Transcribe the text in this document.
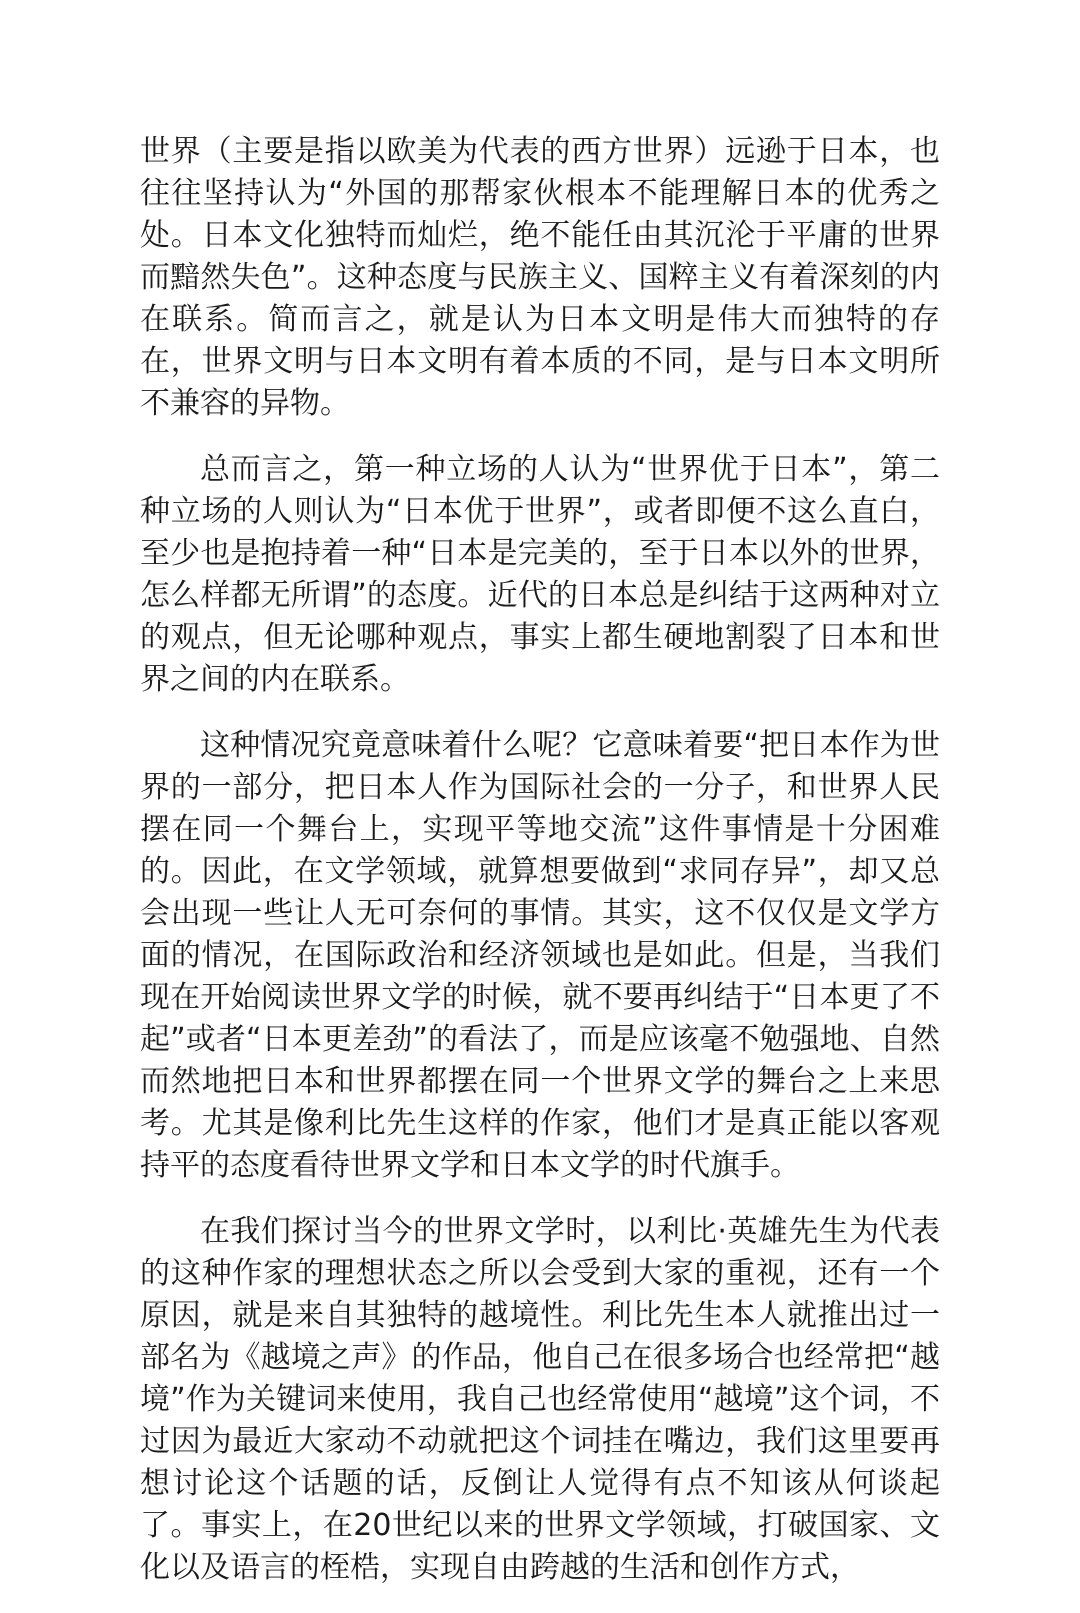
世界（主要是指以欧美为代表的西方世界）远逊于日本，也往往坚持认为“外国的那帮家伙根本不能理解日本的优秀之处。日本文化独特而灿烂，绝不能任由其沉沦于平庸的世界而黯然失色”。这种态度与民族主义、国粹主义有着深刻的内在联系。简而言之，就是认为日本文明是伟大而独特的存在，世界文明与日本文明有着本质的不同，是与日本文明所不兼容的异物。

总而言之，第一种立场的人认为“世界优于日本”，第二种立场的人则认为“日本优于世界”，或者即便不这么直白，至少也是抱持着一种“日本是完美的，至于日本以外的世界，怎么样都无所谓”的态度。近代的日本总是纠结于这两种对立的观点，但无论哪种观点，事实上都生硬地割裂了日本和世界之间的内在联系。

这种情况究竟意味着什么呢？它意味着要“把日本作为世界的一部分，把日本人作为国际社会的一分子，和世界人民摆在同一个舞台上，实现平等地交流”这件事情是十分困难的。因此，在文学领域，就算想要做到“求同存异”，却又总会出现一些让人无可奈何的事情。其实，这不仅仅是文学方面的情况，在国际政治和经济领域也是如此。但是，当我们现在开始阅读世界文学的时候，就不要再纠结于“日本更了不起”或者“日本更差劲”的看法了，而是应该毫不勉强地、自然而然地把日本和世界都摆在同一个世界文学的舞台之上来思考。尤其是像利比先生这样的作家，他们才是真正能以客观持平的态度看待世界文学和日本文学的时代旗手。

在我们探讨当今的世界文学时，以利比·英雄先生为代表的这种作家的理想状态之所以会受到大家的重视，还有一个原因，就是来自其独特的越境性。利比先生本人就推出过一部名为《越境之声》的作品，他自己在很多场合也经常把“越境”作为关键词来使用，我自己也经常使用“越境”这个词，不过因为最近大家动不动就把这个词挂在嘴边，我们这里要再想讨论这个话题的话，反倒让人觉得有点不知该从何谈起了。事实上，在20世纪以来的世界文学领域，打破国家、文化以及语言的桎梏，实现自由跨越的生活和创作方式，
